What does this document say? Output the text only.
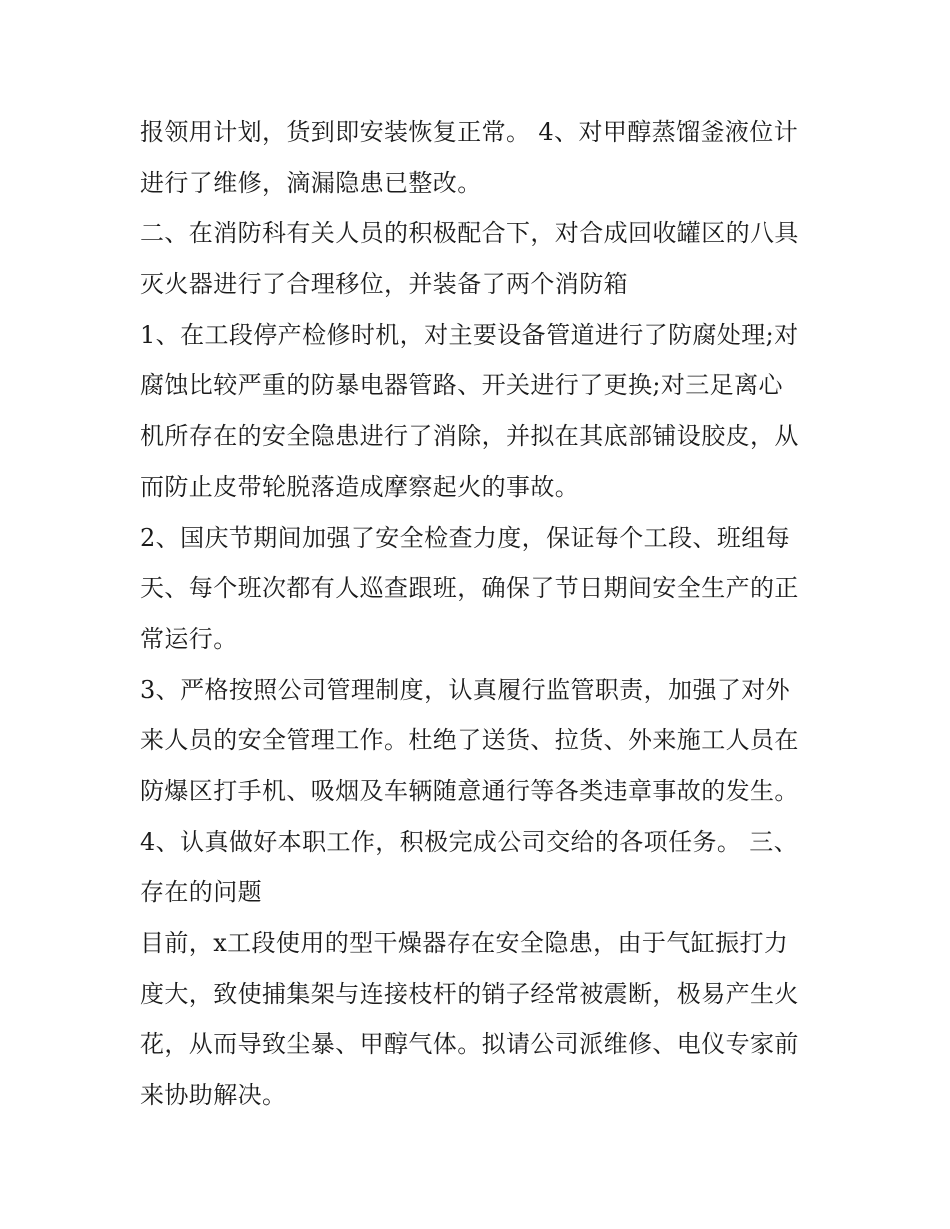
报领用计划，货到即安装恢复正常。 4、对甲醇蒸馏釜液位计
进行了维修，滴漏隐患已整改。
二、在消防科有关人员的积极配合下，对合成回收罐区的八具
灭火器进行了合理移位，并装备了两个消防箱
1、在工段停产检修时机，对主要设备管道进行了防腐处理;对
腐蚀比较严重的防暴电器管路、开关进行了更换;对三足离心
机所存在的安全隐患进行了消除，并拟在其底部铺设胶皮，从
而防止皮带轮脱落造成摩察起火的事故。
2、国庆节期间加强了安全检查力度，保证每个工段、班组每
天、每个班次都有人巡查跟班，确保了节日期间安全生产的正
常运行。
3、严格按照公司管理制度，认真履行监管职责，加强了对外
来人员的安全管理工作。杜绝了送货、拉货、外来施工人员在
防爆区打手机、吸烟及车辆随意通行等各类违章事故的发生。
4、认真做好本职工作，积极完成公司交给的各项任务。 三、
存在的问题
目前，x工段使用的型干燥器存在安全隐患，由于气缸振打力
度大，致使捕集架与连接枝杆的销子经常被震断，极易产生火
花，从而导致尘暴、甲醇气体。拟请公司派维修、电仪专家前
来协助解决。
